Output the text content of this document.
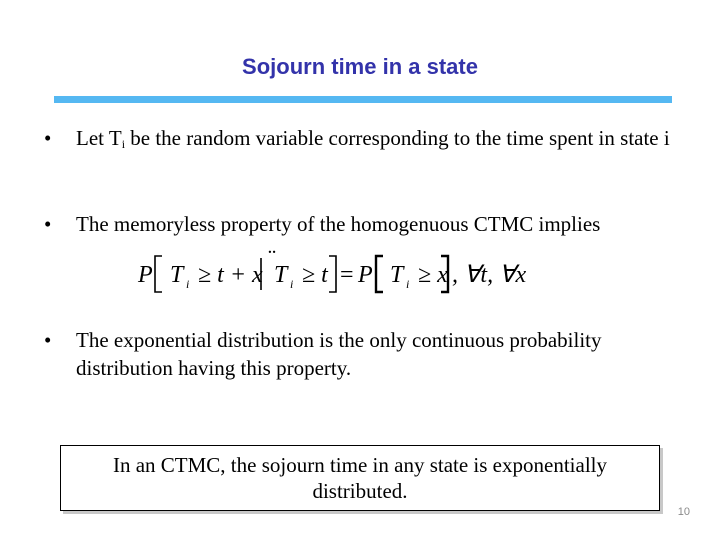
Sojourn time in a state
• Let $T_i$ be the random variable corresponding to the time spent in state i
• The memoryless property of the homogenuous CTMC implies
P T i ≥ t + x
¨
T i ≥ t = P T i ≥ x , ∀t, ∀x
• The exponential distribution is the only continuous probability distribution having this property.
In an CTMC, the sojourn time in any state is exponentially distributed.
10
